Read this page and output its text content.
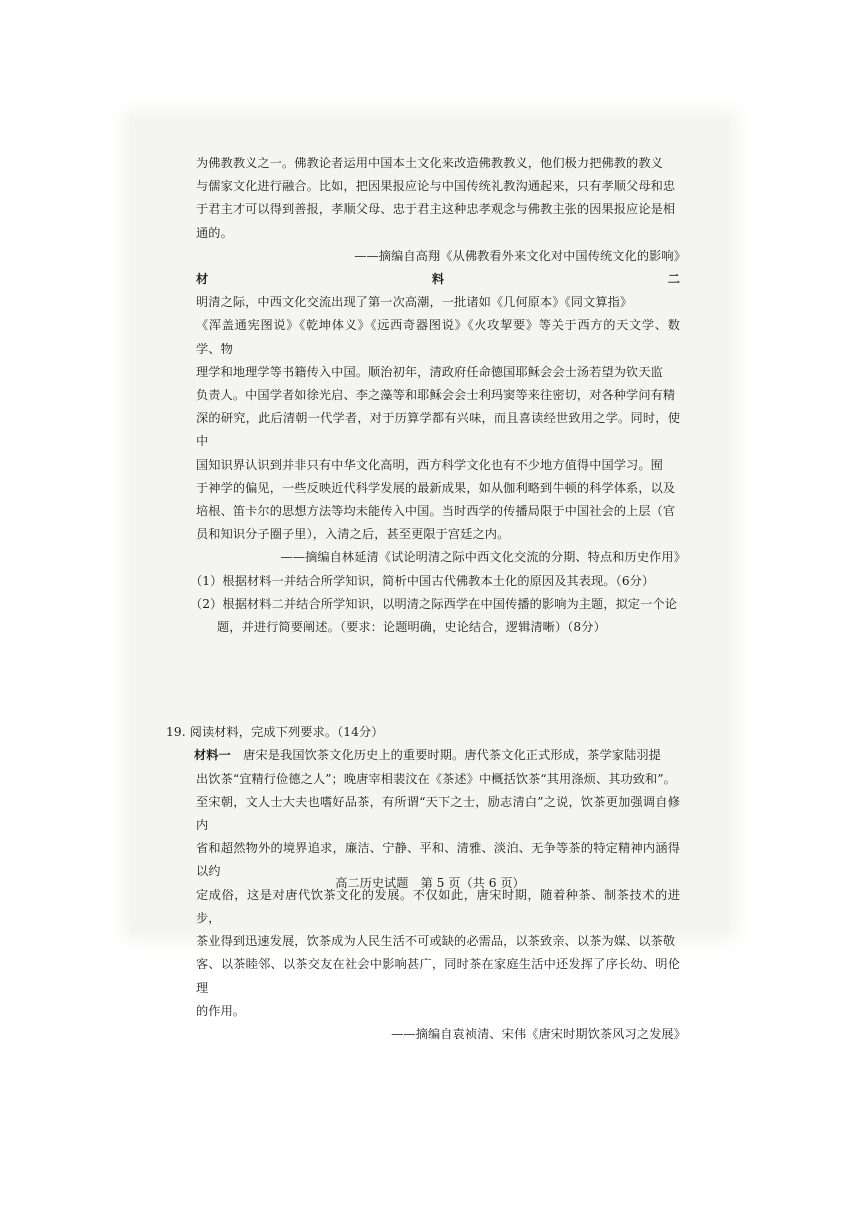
为佛教教义之一。佛教论者运用中国本土文化来改造佛教教义，他们极力把佛教的教义

与儒家文化进行融合。比如，把因果报应论与中国传统礼教沟通起来，只有孝顺父母和忠

于君主才可以得到善报，孝顺父母、忠于君主这种忠孝观念与佛教主张的因果报应论是相

通的。

——摘编自高翔《从佛教看外来文化对中国传统文化的影响》

材料二　明清之际，中西文化交流出现了第一次高潮，一批诸如《几何原本》《同文算指》

《浑盖通宪图说》《乾坤体义》《远西奇器图说》《火攻挈要》等关于西方的天文学、数学、物

理学和地理学等书籍传入中国。顺治初年，清政府任命德国耶稣会会士汤若望为钦天监

负责人。中国学者如徐光启、李之藻等和耶稣会会士利玛窦等来往密切，对各种学问有精

深的研究，此后清朝一代学者，对于历算学都有兴味，而且喜读经世致用之学。同时，使中

国知识界认识到并非只有中华文化高明，西方科学文化也有不少地方值得中国学习。囿

于神学的偏见，一些反映近代科学发展的最新成果，如从伽利略到牛顿的科学体系，以及

培根、笛卡尔的思想方法等均未能传入中国。当时西学的传播局限于中国社会的上层（官

员和知识分子圈子里），入清之后，甚至更限于宫廷之内。

——摘编自林延清《试论明清之际中西文化交流的分期、特点和历史作用》

（1）根据材料一并结合所学知识，简析中国古代佛教本土化的原因及其表现。（6分）

（2）根据材料二并结合所学知识，以明清之际西学在中国传播的影响为主题，拟定一个论
题，并进行简要阐述。（要求：论题明确，史论结合，逻辑清晰）（8分）

19. 阅读材料，完成下列要求。（14分）

材料一　 唐宋是我国饮茶文化历史上的重要时期。唐代茶文化正式形成，茶学家陆羽提

出饮茶“宜精行俭德之人”；晚唐宰相裴汶在《茶述》中概括饮茶“其用涤烦、其功致和”。

至宋朝，文人士大夫也嗜好品茶，有所谓“天下之士，励志清白”之说，饮茶更加强调自修内

省和超然物外的境界追求，廉洁、宁静、平和、清雅、淡泊、无争等茶的特定精神内涵得以约

定成俗，这是对唐代饮茶文化的发展。不仅如此，唐宋时期，随着种茶、制茶技术的进步，

茶业得到迅速发展，饮茶成为人民生活不可或缺的必需品，以茶致亲、以茶为媒、以茶敬

客、以茶睦邻、以茶交友在社会中影响甚广，同时茶在家庭生活中还发挥了序长幼、明伦理

的作用。

——摘编自袁祯清、宋伟《唐宋时期饮茶风习之发展》

高二历史试题　第 5 页（共 6 页）
